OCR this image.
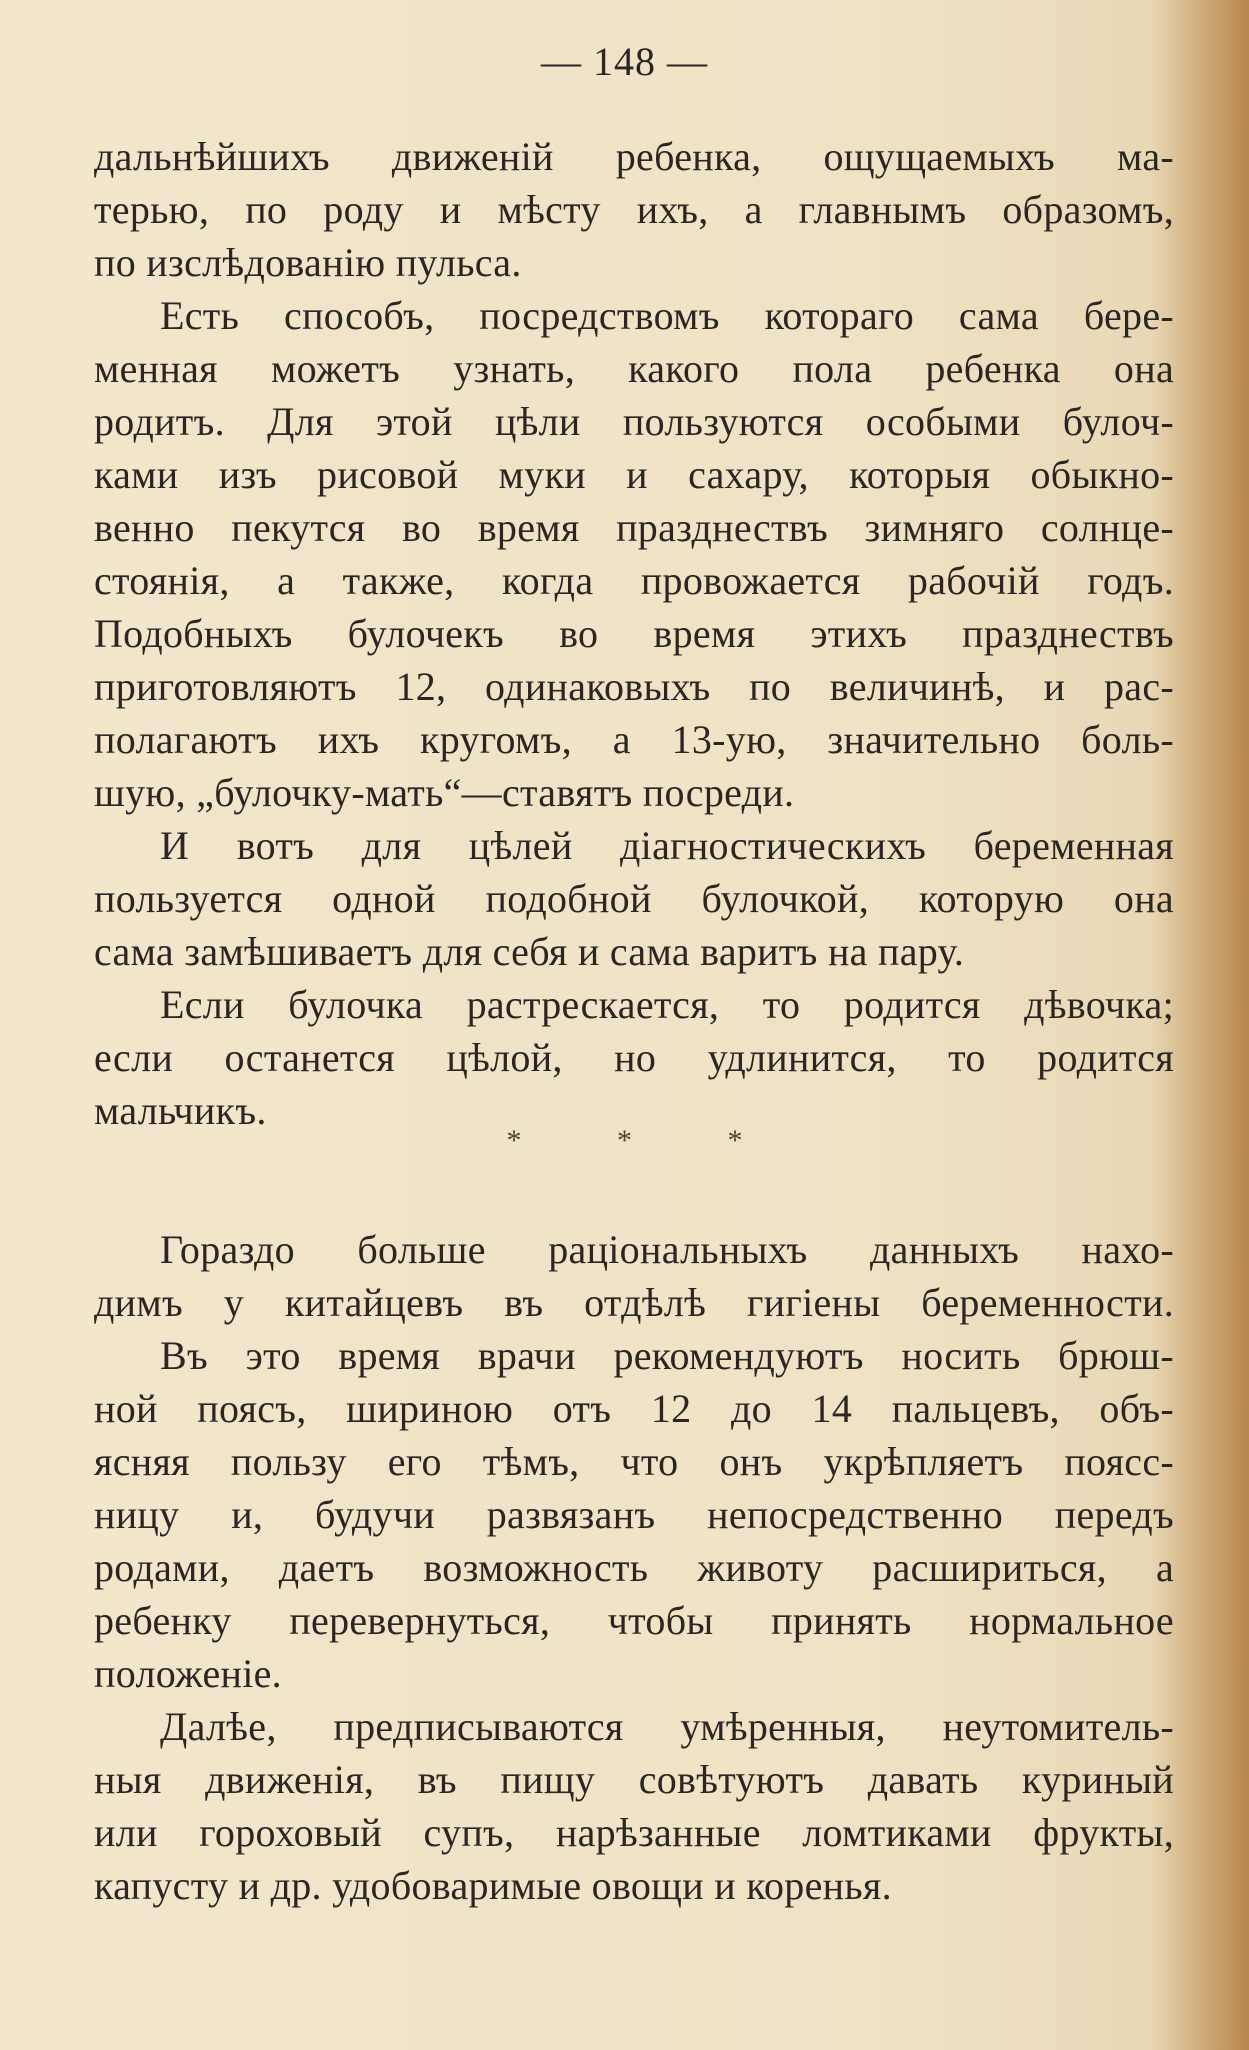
— 148 —
дальнѣйшихъ движенiй ребенка, ощущаемыхъ ма-
терью, по роду и мѣсту ихъ, а главнымъ образомъ,
по изслѣдованiю пульса.
Есть способъ, посредствомъ котораго сама бере-
менная можетъ узнать, какого пола ребенка она
родитъ. Для этой цѣли пользуются особыми булоч-
ками изъ рисовой муки и сахару, которыя обыкно-
венно пекутся во время празднествъ зимняго солнце-
стоянiя, а также, когда провожается рабочiй годъ.
Подобныхъ булочекъ во время этихъ празднествъ
приготовляютъ 12, одинаковыхъ по величинѣ, и рас-
полагаютъ ихъ кругомъ, а 13-ую, значительно боль-
шую, „булочку-мать“—ставятъ посреди.
И вотъ для цѣлей дiагностическихъ беременная
пользуется одной подобной булочкой, которую она
сама замѣшиваетъ для себя и сама варитъ на пару.
Если булочка растрескается, то родится дѣвочка;
если останется цѣлой, но удлинится, то родится
мальчикъ.
* * *
Гораздо больше рацiональныхъ данныхъ нахо-
димъ у китайцевъ въ отдѣлѣ гигiены беременности.
Въ это время врачи рекомендуютъ носить брюш-
ной поясъ, шириною отъ 12 до 14 пальцевъ, объ-
ясняя пользу его тѣмъ, что онъ укрѣпляетъ поясс-
ницу и, будучи развязанъ непосредственно передъ
родами, даетъ возможность животу расшириться, а
ребенку перевернуться, чтобы принять нормальное
положенiе.
Далѣе, предписываются умѣренныя, неутомитель-
ныя движенiя, въ пищу совѣтуютъ давать куриный
или гороховый супъ, нарѣзанные ломтиками фрукты,
капусту и др. удобоваримые овощи и коренья.
